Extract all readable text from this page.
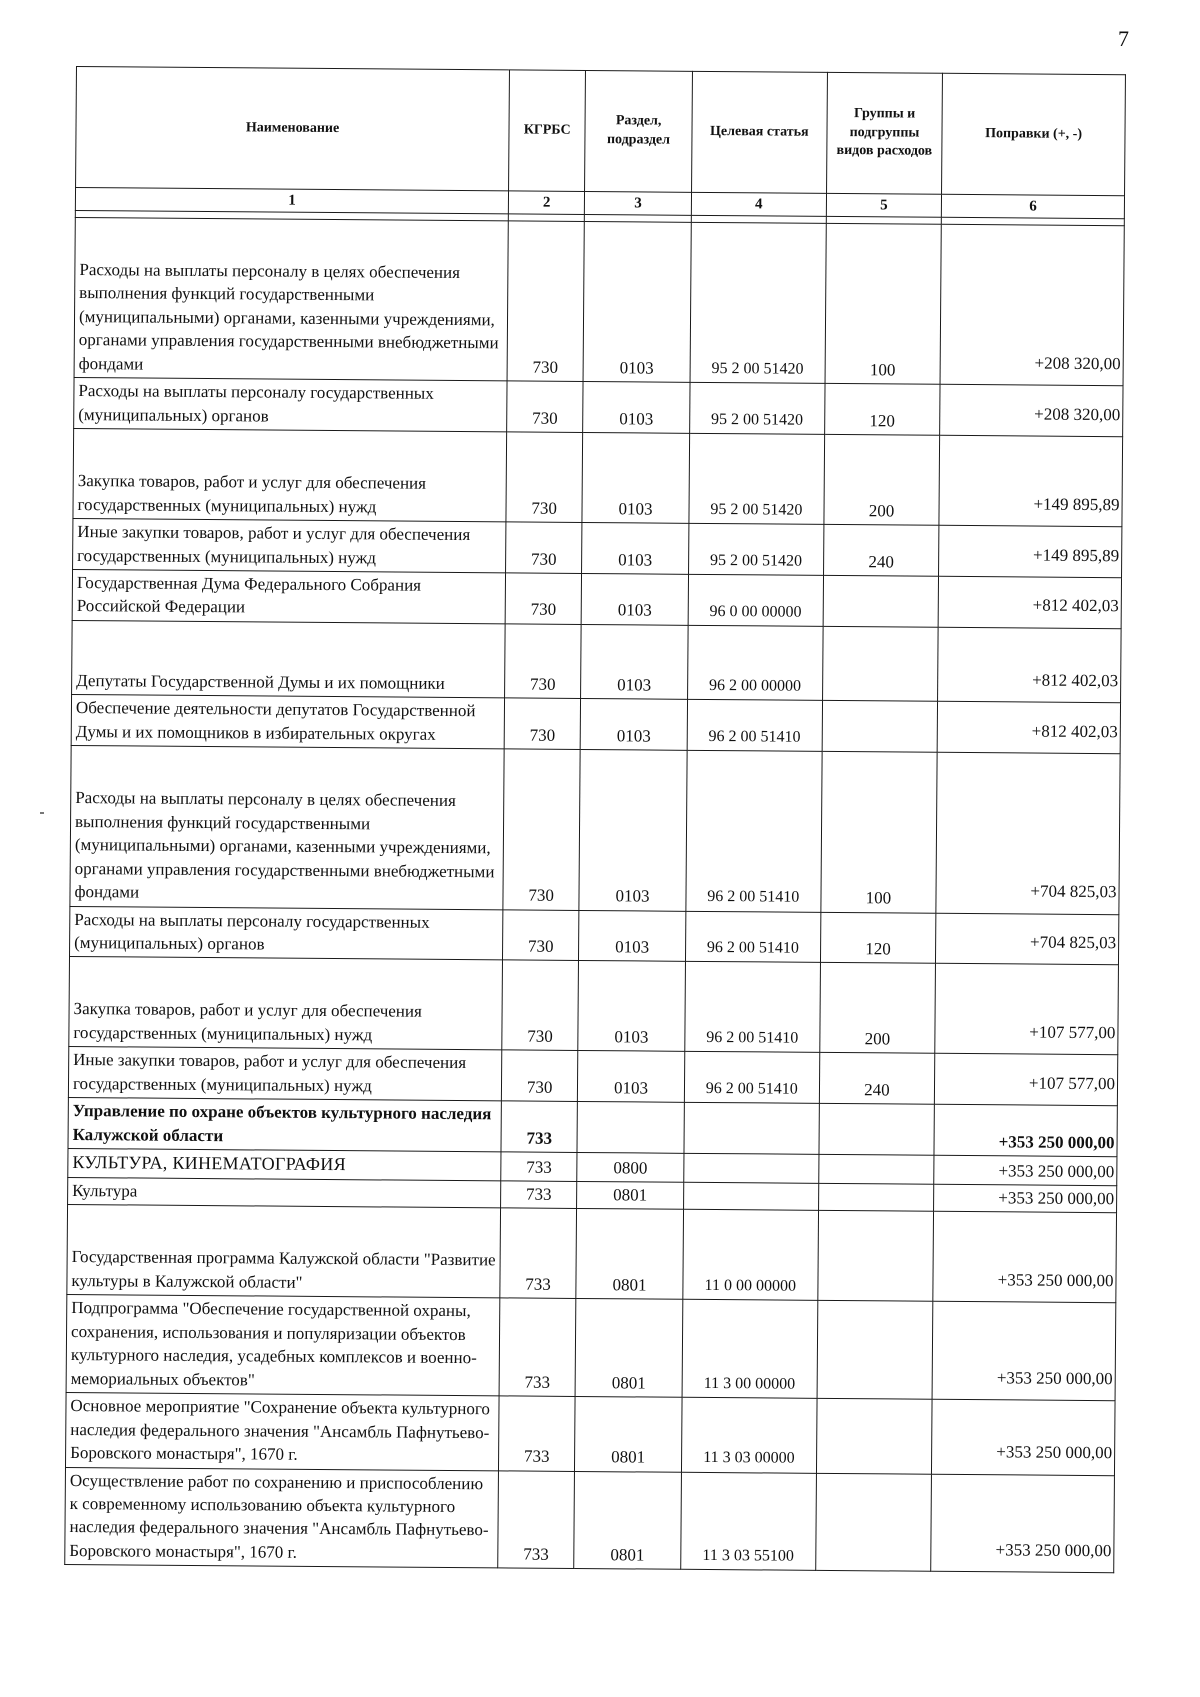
7
Наименование	КГРБС	Раздел, подраздел	Целевая статья	Группы и подгруппы видов расходов	Поправки (+, -)
1	2	3	4	5	6

Расходы на выплаты персоналу в целях обеспечения выполнения функций государственными (муниципальными) органами, казенными учреждениями, органами управления государственными внебюджетными фондами	730	0103	95 2 00 51420	100	+208 320,00
Расходы на выплаты персоналу государственных (муниципальных) органов	730	0103	95 2 00 51420	120	+208 320,00
Закупка товаров, работ и услуг для обеспечения государственных (муниципальных) нужд	730	0103	95 2 00 51420	200	+149 895,89
Иные закупки товаров, работ и услуг для обеспечения государственных (муниципальных) нужд	730	0103	95 2 00 51420	240	+149 895,89
Государственная Дума Федерального Собрания Российской Федерации	730	0103	96 0 00 00000		+812 402,03
Депутаты Государственной Думы и их помощники	730	0103	96 2 00 00000		+812 402,03
Обеспечение деятельности депутатов Государственной Думы и их помощников в избирательных округах	730	0103	96 2 00 51410		+812 402,03
Расходы на выплаты персоналу в целях обеспечения выполнения функций государственными (муниципальными) органами, казенными учреждениями, органами управления государственными внебюджетными фондами	730	0103	96 2 00 51410	100	+704 825,03
Расходы на выплаты персоналу государственных (муниципальных) органов	730	0103	96 2 00 51410	120	+704 825,03
Закупка товаров, работ и услуг для обеспечения государственных (муниципальных) нужд	730	0103	96 2 00 51410	200	+107 577,00
Иные закупки товаров, работ и услуг для обеспечения государственных (муниципальных) нужд	730	0103	96 2 00 51410	240	+107 577,00
Управление по охране объектов культурного наследия Калужской области	733				+353 250 000,00
КУЛЬТУРА, КИНЕМАТОГРАФИЯ	733	0800			+353 250 000,00
Культура	733	0801			+353 250 000,00
Государственная программа Калужской области "Развитие культуры в Калужской области"	733	0801	11 0 00 00000		+353 250 000,00
Подпрограмма "Обеспечение государственной охраны, сохранения, использования и популяризации объектов культурного наследия, усадебных комплексов и военно-мемориальных объектов"	733	0801	11 3 00 00000		+353 250 000,00
Основное мероприятие "Сохранение объекта культурного наследия федерального значения "Ансамбль Пафнутьево-Боровского монастыря", 1670 г.	733	0801	11 3 03 00000		+353 250 000,00
Осуществление работ по сохранению и приспособлению к современному использованию объекта культурного наследия федерального значения "Ансамбль Пафнутьево-Боровского монастыря", 1670 г.	733	0801	11 3 03 55100		+353 250 000,00
